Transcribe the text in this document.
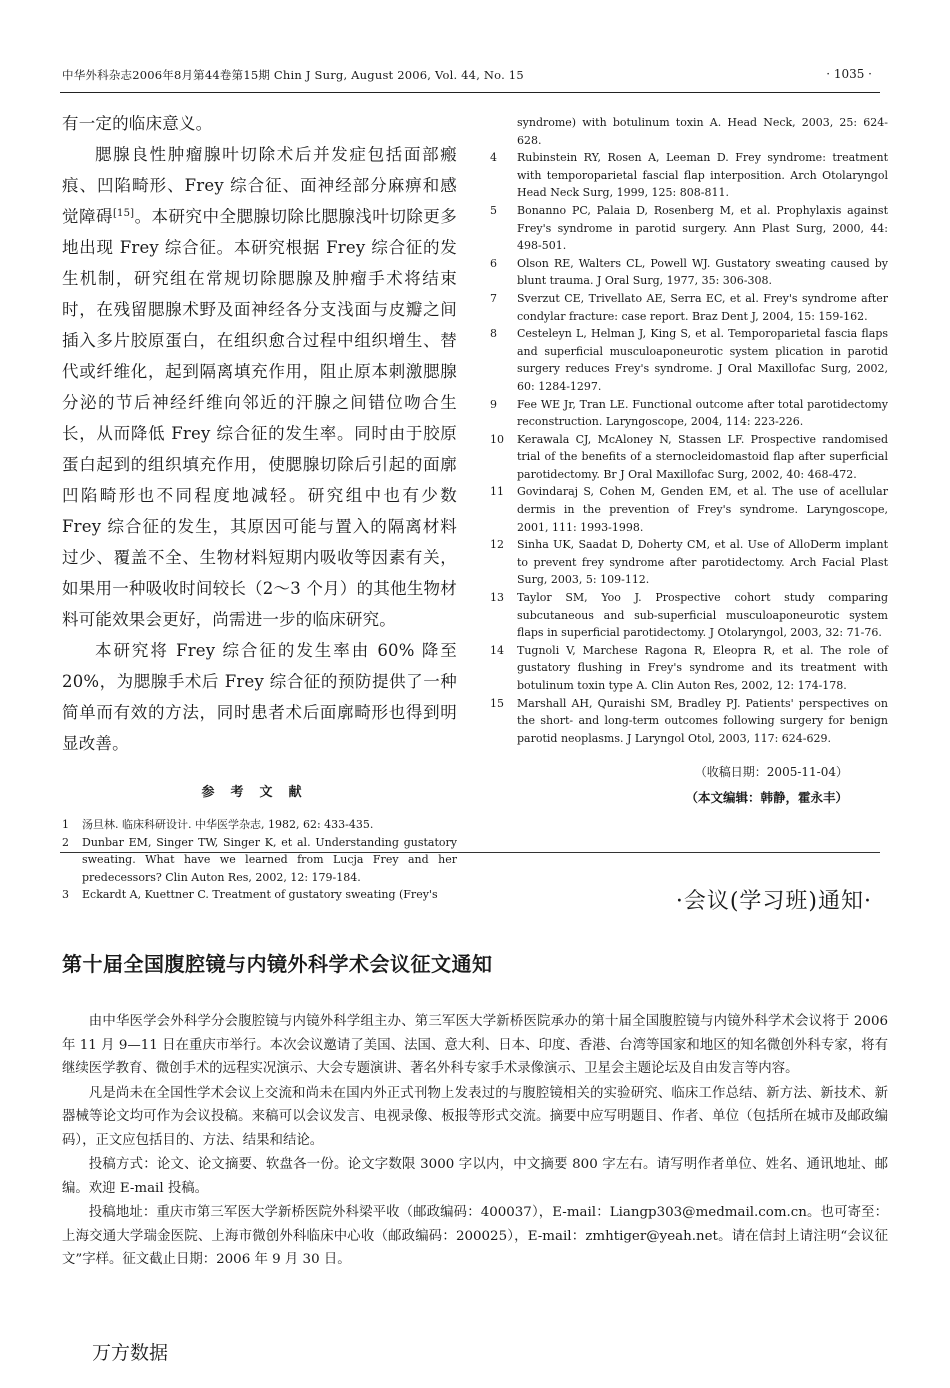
中华外科杂志2006年8月第44卷第15期 Chin J Surg, August 2006, Vol. 44, No. 15	· 1035 ·

有一定的临床意义。

腮腺良性肿瘤腺叶切除术后并发症包括面部瘢痕、凹陷畸形、Frey 综合征、面神经部分麻痹和感觉障碍[15]。本研究中全腮腺切除比腮腺浅叶切除更多地出现 Frey 综合征。本研究根据 Frey 综合征的发生机制，研究组在常规切除腮腺及肿瘤手术将结束时，在残留腮腺术野及面神经各分支浅面与皮瓣之间插入多片胶原蛋白，在组织愈合过程中组织增生、替代或纤维化，起到隔离填充作用，阻止原本刺激腮腺分泌的节后神经纤维向邻近的汗腺之间错位吻合生长，从而降低 Frey 综合征的发生率。同时由于胶原蛋白起到的组织填充作用，使腮腺切除后引起的面廓凹陷畸形也不同程度地减轻。研究组中也有少数 Frey 综合征的发生，其原因可能与置入的隔离材料过少、覆盖不全、生物材料短期内吸收等因素有关，如果用一种吸收时间较长（2～3 个月）的其他生物材料可能效果会更好，尚需进一步的临床研究。

本研究将 Frey 综合征的发生率由 60% 降至 20%，为腮腺手术后 Frey 综合征的预防提供了一种简单而有效的方法，同时患者术后面廓畸形也得到明显改善。

参考文献
1	汤旦林. 临床科研设计. 中华医学杂志, 1982, 62: 433-435.
2	Dunbar EM, Singer TW, Singer K, et al. Understanding gustatory sweating. What have we learned from Lucja Frey and her predecessors? Clin Auton Res, 2002, 12: 179-184.
3	Eckardt A, Kuettner C. Treatment of gustatory sweating (Frey's
syndrome) with botulinum toxin A. Head Neck, 2003, 25: 624-628.
4	Rubinstein RY, Rosen A, Leeman D. Frey syndrome: treatment with temporoparietal fascial flap interposition. Arch Otolaryngol Head Neck Surg, 1999, 125: 808-811.
5	Bonanno PC, Palaia D, Rosenberg M, et al. Prophylaxis against Frey's syndrome in parotid surgery. Ann Plast Surg, 2000, 44: 498-501.
6	Olson RE, Walters CL, Powell WJ. Gustatory sweating caused by blunt trauma. J Oral Surg, 1977, 35: 306-308.
7	Sverzut CE, Trivellato AE, Serra EC, et al. Frey's syndrome after condylar fracture: case report. Braz Dent J, 2004, 15: 159-162.
8	Cesteleyn L, Helman J, King S, et al. Temporoparietal fascia flaps and superficial musculoaponeurotic system plication in parotid surgery reduces Frey's syndrome. J Oral Maxillofac Surg, 2002, 60: 1284-1297.
9	Fee WE Jr, Tran LE. Functional outcome after total parotidectomy reconstruction. Laryngoscope, 2004, 114: 223-226.
10	Kerawala CJ, McAloney N, Stassen LF. Prospective randomised trial of the benefits of a sternocleidomastoid flap after superficial parotidectomy. Br J Oral Maxillofac Surg, 2002, 40: 468-472.
11	Govindaraj S, Cohen M, Genden EM, et al. The use of acellular dermis in the prevention of Frey's syndrome. Laryngoscope, 2001, 111: 1993-1998.
12	Sinha UK, Saadat D, Doherty CM, et al. Use of AlloDerm implant to prevent frey syndrome after parotidectomy. Arch Facial Plast Surg, 2003, 5: 109-112.
13	Taylor SM, Yoo J. Prospective cohort study comparing subcutaneous and sub-superficial musculoaponeurotic system flaps in superficial parotidectomy. J Otolaryngol, 2003, 32: 71-76.
14	Tugnoli V, Marchese Ragona R, Eleopra R, et al. The role of gustatory flushing in Frey's syndrome and its treatment with botulinum toxin type A. Clin Auton Res, 2002, 12: 174-178.
15	Marshall AH, Quraishi SM, Bradley PJ. Patients' perspectives on the short- and long-term outcomes following surgery for benign parotid neoplasms. J Laryngol Otol, 2003, 117: 624-629.
（收稿日期：2005-11-04）
（本文编辑：韩静，霍永丰）
·会议(学习班)通知·
第十届全国腹腔镜与内镜外科学术会议征文通知

由中华医学会外科学分会腹腔镜与内镜外科学组主办、第三军医大学新桥医院承办的第十届全国腹腔镜与内镜外科学术会议将于 2006 年 11 月 9—11 日在重庆市举行。本次会议邀请了美国、法国、意大利、日本、印度、香港、台湾等国家和地区的知名微创外科专家，将有继续医学教育、微创手术的远程实况演示、大会专题演讲、著名外科专家手术录像演示、卫星会主题论坛及自由发言等内容。

凡是尚未在全国性学术会议上交流和尚未在国内外正式刊物上发表过的与腹腔镜相关的实验研究、临床工作总结、新方法、新技术、新器械等论文均可作为会议投稿。来稿可以会议发言、电视录像、板报等形式交流。摘要中应写明题目、作者、单位（包括所在城市及邮政编码），正文应包括目的、方法、结果和结论。

投稿方式：论文、论文摘要、软盘各一份。论文字数限 3000 字以内，中文摘要 800 字左右。请写明作者单位、姓名、通讯地址、邮编。欢迎 E-mail 投稿。

投稿地址：重庆市第三军医大学新桥医院外科梁平收（邮政编码：400037），E-mail：Liangp303@medmail.com.cn。也可寄至：上海交通大学瑞金医院、上海市微创外科临床中心收（邮政编码：200025），E-mail：zmhtiger@yeah.net。请在信封上请注明“会议征文”字样。征文截止日期：2006 年 9 月 30 日。

万方数据
